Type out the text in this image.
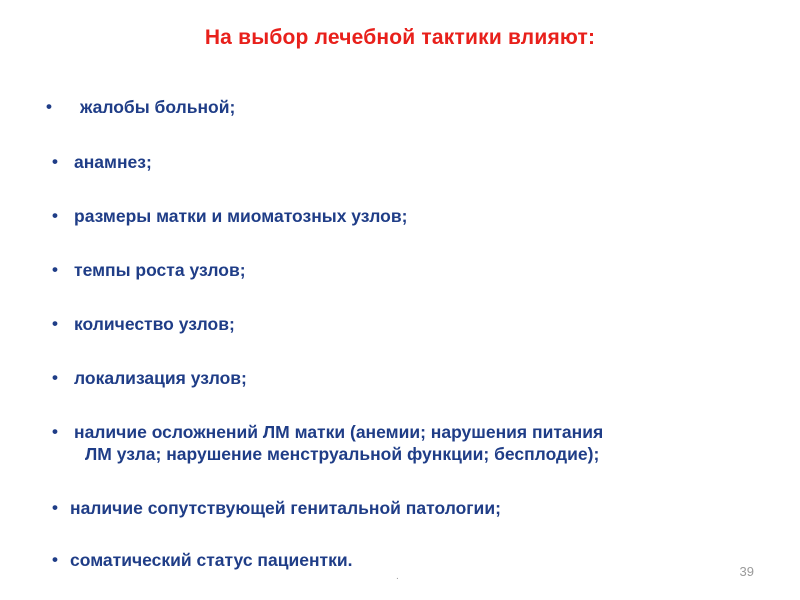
На выбор лечебной тактики влияют:
• жалобы больной;
• анамнез;
• размеры матки и миоматозных узлов;
• темпы роста узлов;
• количество узлов;
• локализация узлов;
• наличие осложнений ЛМ матки (анемии; нарушения питания
ЛМ узла; нарушение менструальной функции; бесплодие);
• наличие сопутствующей генитальной патологии;
• соматический статус пациентки.
.	39
